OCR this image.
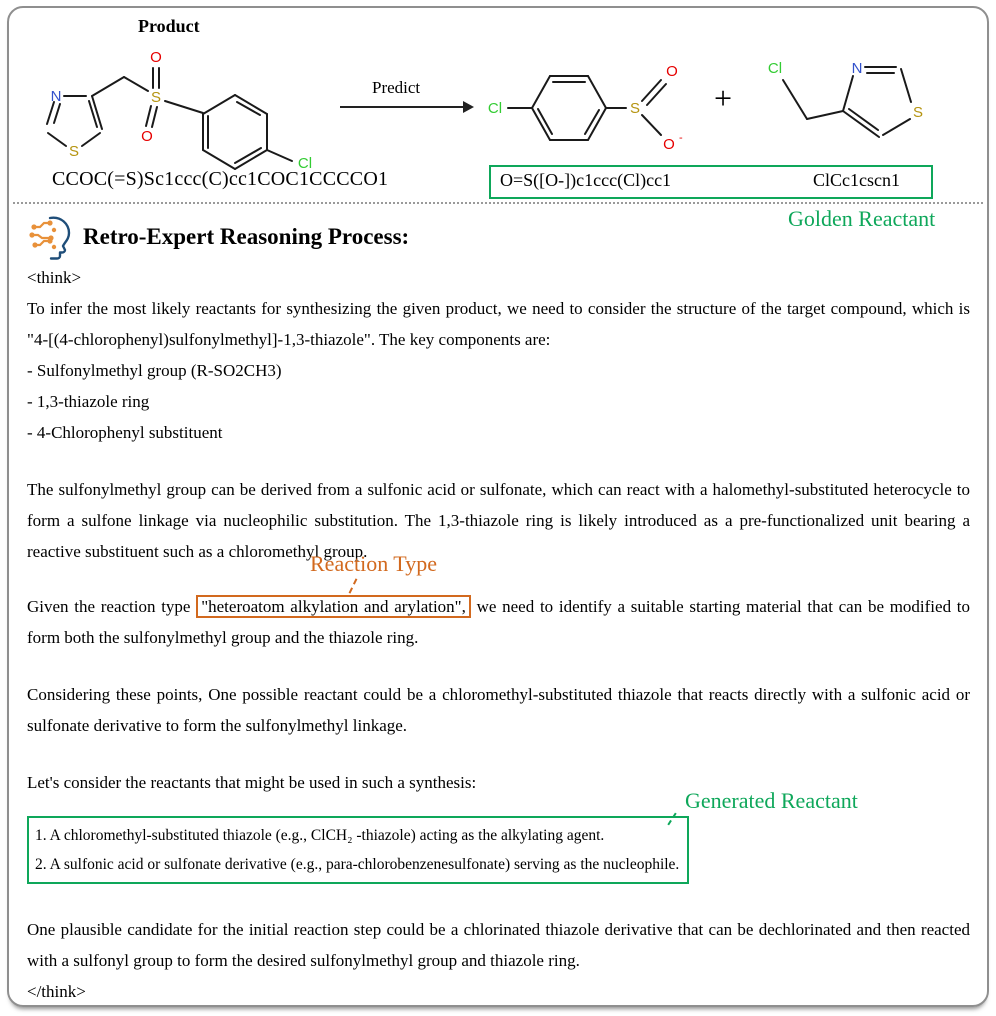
Product
N
S
S
O
O
Cl
CCOC(=S)Sc1ccc(C)cc1COC1CCCCO1
Predict
Cl	S
O
O -
+
Cl	N
S
O=S([O-])c1ccc(Cl)cc1	ClCc1cscn1
Golden Reactant
Retro-Expert Reasoning Process:
<think>

To infer the most likely reactants for synthesizing the given product, we need to consider the structure of the target compound, which is "4-[(4-chlorophenyl)sulfonylmethyl]-1,3-thiazole". The key components are:

- Sulfonylmethyl group (R-SO2CH3)
- 1,3-thiazole ring
- 4-Chlorophenyl substituent

The sulfonylmethyl group can be derived from a sulfonic acid or sulfonate, which can react with a halomethyl-substituted heterocycle to form a sulfone linkage via nucleophilic substitution. The 1,3-thiazole ring is likely introduced as a pre-functionalized unit bearing a reactive substituent such as a chloromethyl group.

Reaction Type

Given the reaction type "heteroatom alkylation and arylation", we need to identify a suitable starting material that can be modified to form both the sulfonylmethyl group and the thiazole ring.

Considering these points, One possible reactant could be a chloromethyl-substituted thiazole that reacts directly with a sulfonic acid or sulfonate derivative to form the sulfonylmethyl linkage.

Let's consider the reactants that might be used in such a synthesis:

Generated Reactant
1. A chloromethyl-substituted thiazole (e.g., ClCH₂ -thiazole) acting as the alkylating agent.
2. A sulfonic acid or sulfonate derivative (e.g., para-chlorobenzenesulfonate) serving as the nucleophile.

One plausible candidate for the initial reaction step could be a chlorinated thiazole derivative that can be dechlorinated and then reacted with a sulfonyl group to form the desired sulfonylmethyl group and thiazole ring.

</think>
